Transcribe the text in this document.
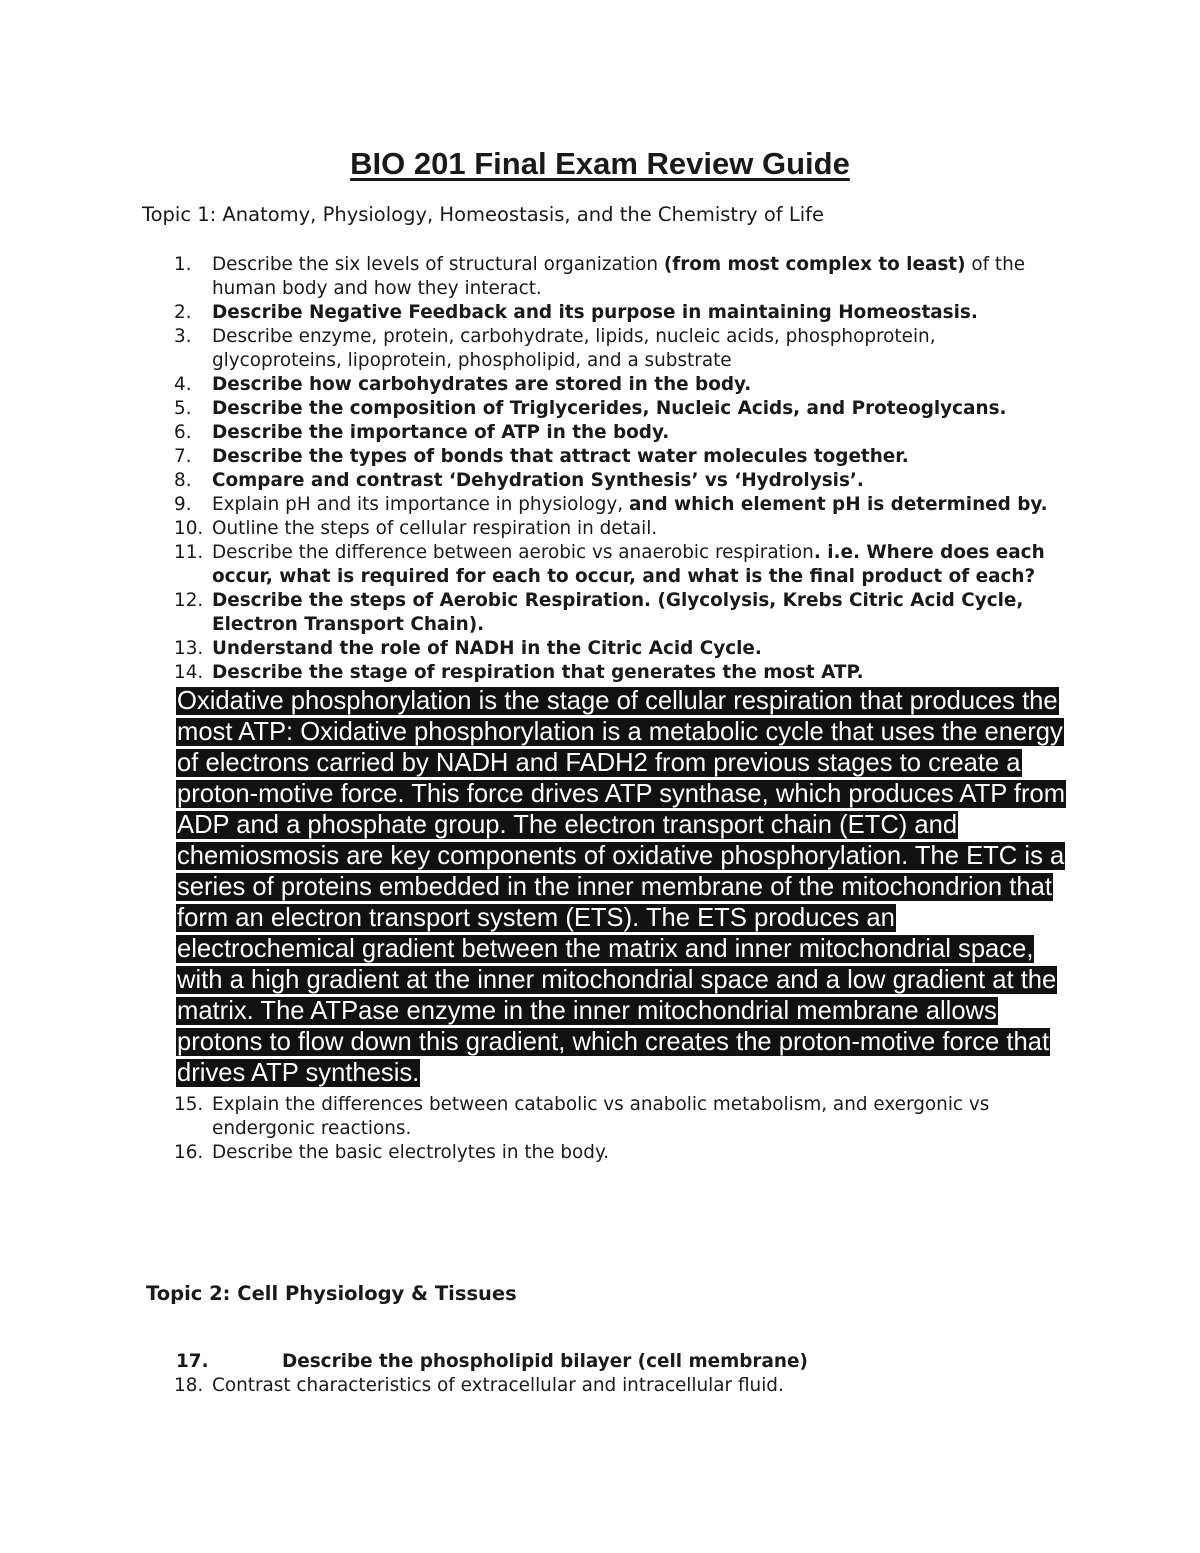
BIO 201 Final Exam Review Guide

Topic 1: Anatomy, Physiology, Homeostasis, and the Chemistry of Life

1. Describe the six levels of structural organization (from most complex to least) of the human body and how they interact.
2. Describe Negative Feedback and its purpose in maintaining Homeostasis.
3. Describe enzyme, protein, carbohydrate, lipids, nucleic acids, phosphoprotein, glycoproteins, lipoprotein, phospholipid, and a substrate
4. Describe how carbohydrates are stored in the body.
5. Describe the composition of Triglycerides, Nucleic Acids, and Proteoglycans.
6. Describe the importance of ATP in the body.
7. Describe the types of bonds that attract water molecules together.
8. Compare and contrast ‘Dehydration Synthesis’ vs ‘Hydrolysis’.
9. Explain pH and its importance in physiology, and which element pH is determined by.
10. Outline the steps of cellular respiration in detail.
11. Describe the difference between aerobic vs anaerobic respiration. i.e. Where does each occur, what is required for each to occur, and what is the final product of each?
12. Describe the steps of Aerobic Respiration. (Glycolysis, Krebs Citric Acid Cycle, Electron Transport Chain).
13. Understand the role of NADH in the Citric Acid Cycle.
14. Describe the stage of respiration that generates the most ATP.
Oxidative phosphorylation is the stage of cellular respiration that produces the most ATP: Oxidative phosphorylation is a metabolic cycle that uses the energy of electrons carried by NADH and FADH2 from previous stages to create a proton-motive force. This force drives ATP synthase, which produces ATP from ADP and a phosphate group. The electron transport chain (ETC) and chemiosmosis are key components of oxidative phosphorylation. The ETC is a series of proteins embedded in the inner membrane of the mitochondrion that form an electron transport system (ETS). The ETS produces an electrochemical gradient between the matrix and inner mitochondrial space, with a high gradient at the inner mitochondrial space and a low gradient at the matrix. The ATPase enzyme in the inner mitochondrial membrane allows protons to flow down this gradient, which creates the proton-motive force that drives ATP synthesis.
15. Explain the differences between catabolic vs anabolic metabolism, and exergonic vs endergonic reactions.
16. Describe the basic electrolytes in the body.

Topic 2: Cell Physiology & Tissues

17.	Describe the phospholipid bilayer (cell membrane)
18. Contrast characteristics of extracellular and intracellular fluid.
